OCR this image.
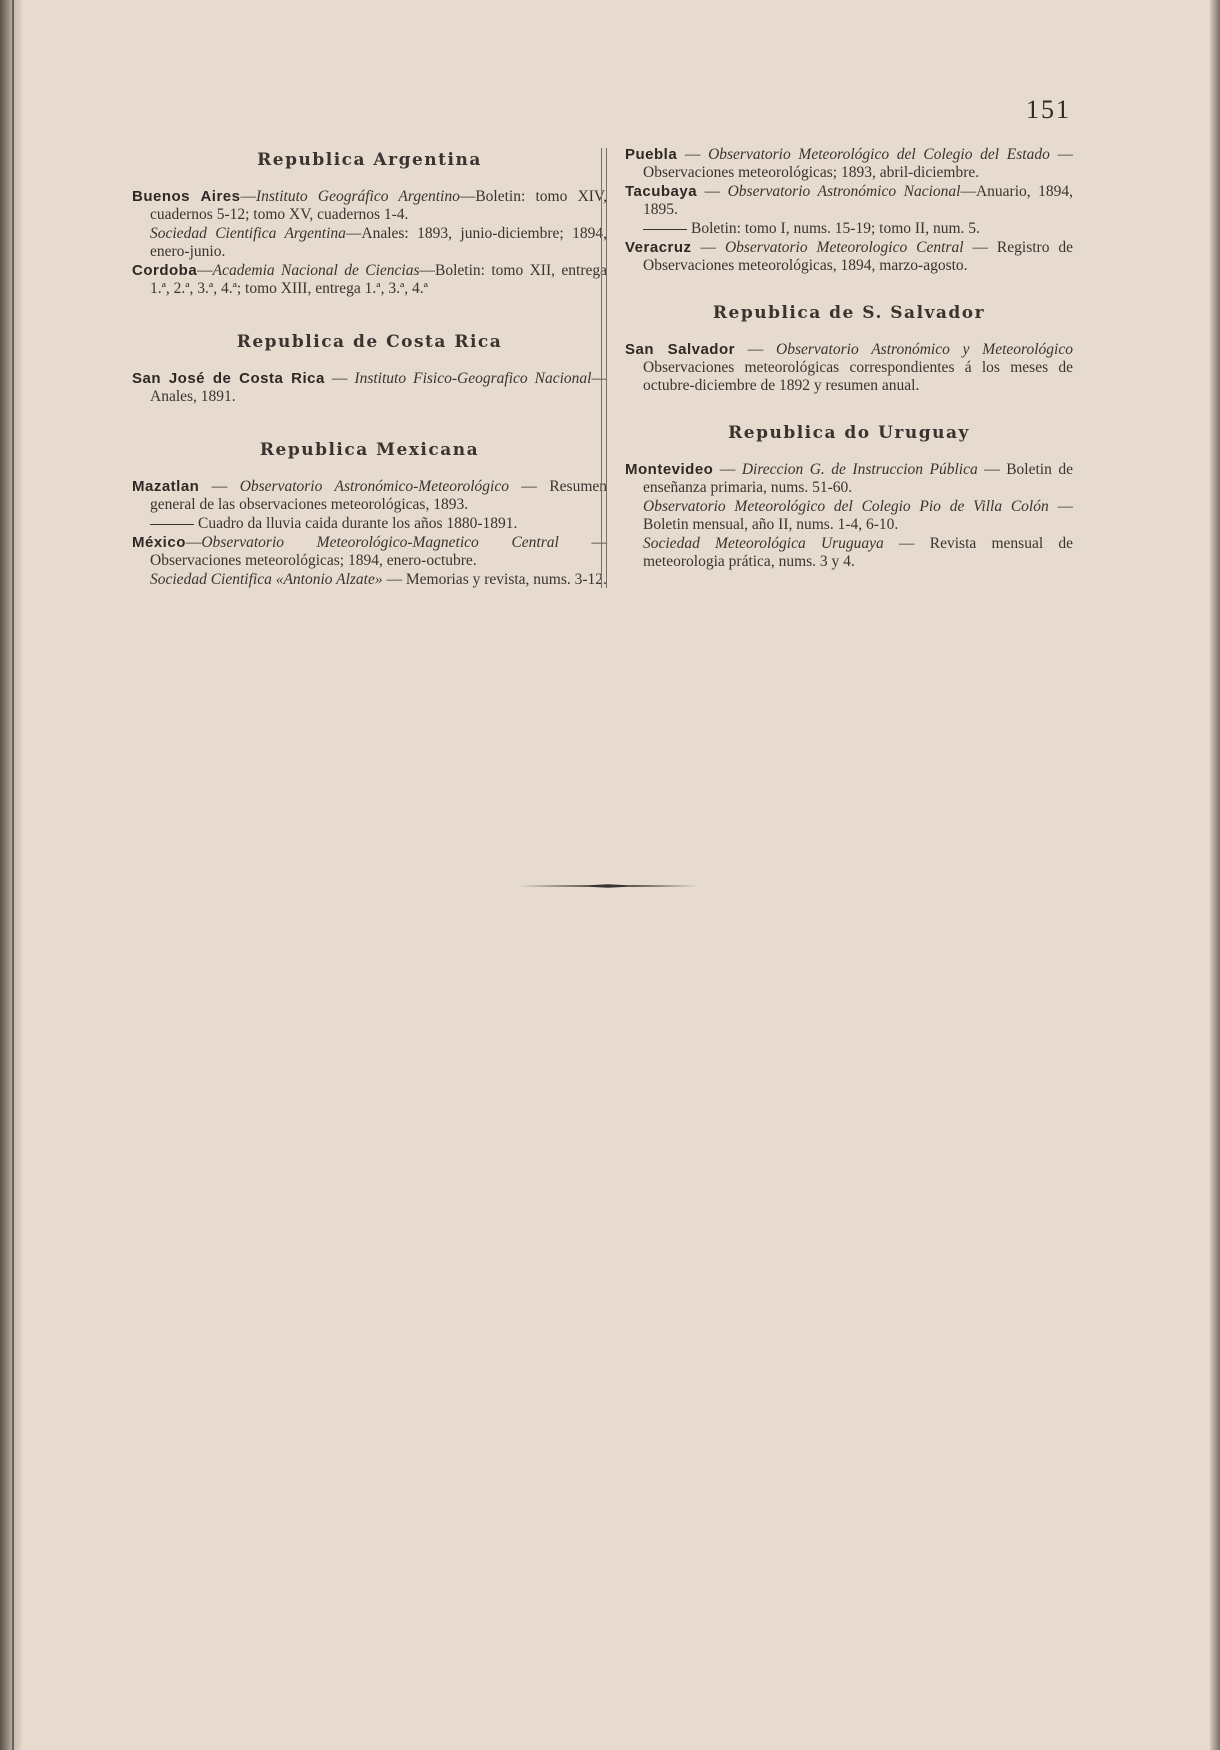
151
Republica Argentina

Buenos Aires—Instituto Geográfico Argentino—Boletin: tomo XIV, cuadernos 5-12; tomo XV, cuadernos 1-4.

Sociedad Cientifica Argentina—Anales: 1893, junio-diciembre; 1894, enero-junio.

Cordoba—Academia Nacional de Ciencias—Boletin: tomo XII, entrega 1.ª, 2.ª, 3.ª, 4.ª; tomo XIII, entrega 1.ª, 3.ª, 4.ª

Republica de Costa Rica

San José de Costa Rica — Instituto Fisico-Geografico Nacional— Anales, 1891.

Republica Mexicana

Mazatlan — Observatorio Astronómico-Meteorológico — Resumen general de las observaciones meteorológicas, 1893.

Cuadro da lluvia caida durante los años 1880-1891.

México—Observatorio Meteorológico-Magnetico Central — Observaciones meteorológicas; 1894, enero-octubre.

Sociedad Cientifica «Antonio Alzate» — Memorias y revista, nums. 3-12.

Puebla — Observatorio Meteorológico del Colegio del Estado —Observaciones meteorológicas; 1893, abril-diciembre.

Tacubaya — Observatorio Astronómico Nacional—Anuario, 1894, 1895.

Boletin: tomo I, nums. 15-19; tomo II, num. 5.

Veracruz — Observatorio Meteorologico Central — Registro de Observaciones meteorológicas, 1894, marzo-agosto.

Republica de S. Salvador

San Salvador — Observatorio Astronómico y Meteorológico Observaciones meteorológicas correspondientes á los meses de octubre-diciembre de 1892 y resumen anual.

Republica do Uruguay

Montevideo — Direccion G. de Instruccion Pública — Boletin de enseñanza primaria, nums. 51-60.

Observatorio Meteorológico del Colegio Pio de Villa Colón — Boletin mensual, año II, nums. 1-4, 6-10.

Sociedad Meteorológica Uruguaya — Revista mensual de meteorologia prática, nums. 3 y 4.
